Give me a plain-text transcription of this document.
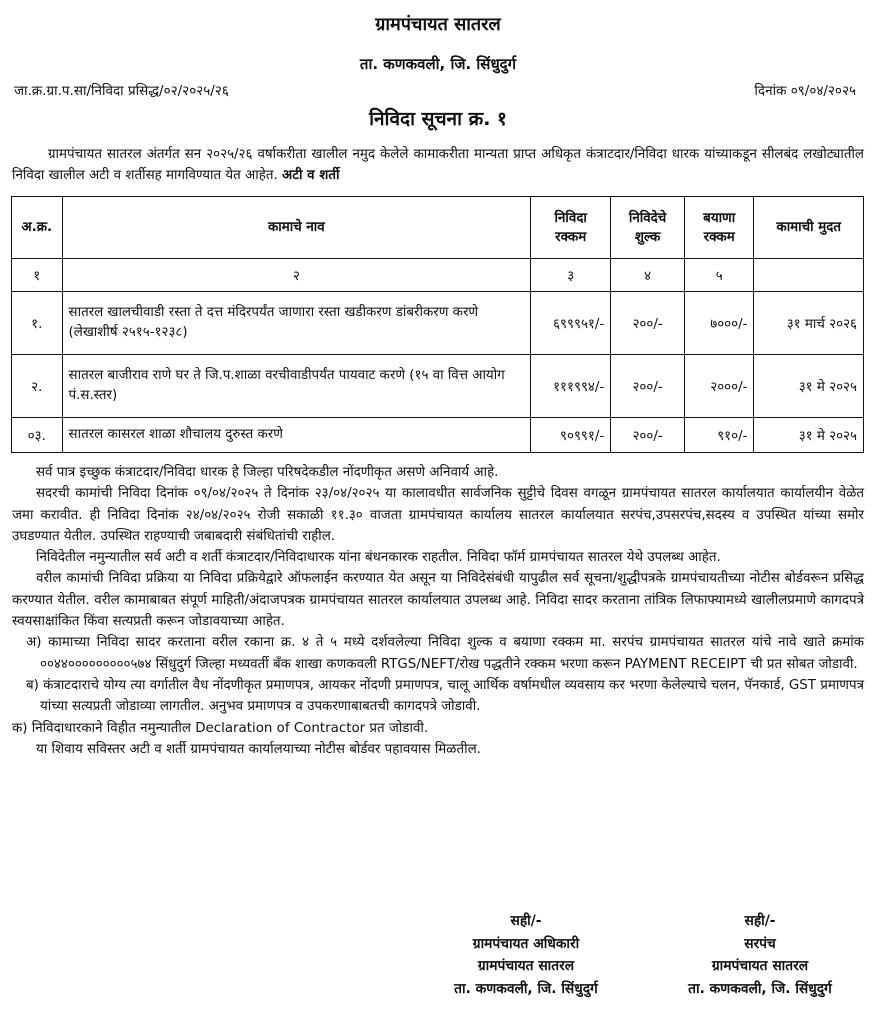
ग्रामपंचायत सातरल
ता. कणकवली, जि. सिंधुदुर्ग
जा.क्र.ग्रा.प.सा/निविदा प्रसिद्ध/०२/२०२५/२६	दिनांक ०९/०४/२०२५
निविदा सूचना क्र. १
ग्रामपंचायत सातरल अंतर्गत सन २०२५/२६ वर्षाकरीता खालील नमुद केलेले कामाकरीता मान्यता प्राप्त अधिकृत कंत्राटदार/निविदा धारक यांच्याकडून सीलबंद लखोट्यातील निविदा खालील अटी व शर्तीसह मागविण्यात येत आहेत. अटी व शर्ती
अ.क्र.	कामाचे नाव	निविदा रक्कम	निविदेचे शुल्क	बयाणा रक्कम	कामाची मुदत
१	२	३	४	५	
१.	सातरल खालचीवाडी रस्ता ते दत्त मंदिरपर्यंत जाणारा रस्ता खडीकरण डांबरीकरण करणे (लेखाशीर्ष २५१५-१२३८)	६९९९५१/-	२००/-	७०००/-	३१ मार्च २०२६
२.	सातरल बाजीराव राणे घर ते जि.प.शाळा वरचीवाडीपर्यंत पायवाट करणे (१५ वा वित्त आयोग पं.स.स्तर)	१११९९४/-	२००/-	२०००/-	३१ मे २०२५
०३.	सातरल कासरल शाळा शौचालय दुरुस्त करणे	९०९९१/-	२००/-	९१०/-	३१ मे २०२५

सर्व पात्र इच्छुक कंत्राटदार/निविदा धारक हे जिल्हा परिषदेकडील नोंदणीकृत असणे अनिवार्य आहे.

सदरची कामांची निविदा दिनांक ०९/०४/२०२५ ते दिनांक २३/०४/२०२५ या कालावधीत सार्वजनिक सुट्टीचे दिवस वगळून ग्रामपंचायत सातरल कार्यालयात कार्यालयीन वेळेत जमा करावीत. ही निविदा दिनांक २४/०४/२०२५ रोजी सकाळी ११.३० वाजता ग्रामपंचायत कार्यालय सातरल कार्यालयात सरपंच,उपसरपंच,सदस्य व उपस्थित यांच्या समोर उघडण्यात येतील. उपस्थित राहण्याची जबाबदारी संबंधितांची राहील.

निविदेतील नमुन्यातील सर्व अटी व शर्ती कंत्राटदार/निविदाधारक यांना बंधनकारक राहतील. निविदा फॉर्म ग्रामपंचायत सातरल येथे उपलब्ध आहेत.

वरील कामांची निविदा प्रक्रिया या निविदा प्रक्रियेद्वारे ऑफलाईन करण्यात येत असून या निविदेसंबंधी यापुढील सर्व सूचना/शुद्धीपत्रके ग्रामपंचायतीच्या नोटीस बोर्डवरून प्रसिद्ध करण्यात येतील. वरील कामाबाबत संपूर्ण माहिती/अंदाजपत्रक ग्रामपंचायत सातरल कार्यालयात उपलब्ध आहे. निविदा सादर करताना तांत्रिक लिफाफ्यामध्ये खालीलप्रमाणे कागदपत्रे स्वयसाक्षांकित किंवा सत्यप्रती करून जोडावयाच्या आहेत.

अ) कामाच्या निविदा सादर करताना वरील रकाना क्र. ४ ते ५ मध्ये दर्शवलेल्या निविदा शुल्क व बयाणा रक्कम मा. सरपंच ग्रामपंचायत सातरल यांचे नावे खाते क्रमांक ००४४०००००००००५७४ सिंधुदुर्ग जिल्हा मध्यवर्ती बँक शाखा कणकवली RTGS/NEFT/रोख पद्धतीने रक्कम भरणा करून PAYMENT RECEIPT ची प्रत सोबत जोडावी.

ब) कंत्राटदाराचे योग्य त्या वर्गातील वैध नोंदणीकृत प्रमाणपत्र, आयकर नोंदणी प्रमाणपत्र, चालू आर्थिक वर्षामधील व्यवसाय कर भरणा केलेल्याचे चलन, पॅनकार्ड, GST प्रमाणपत्र यांच्या सत्यप्रती जोडाव्या लागतील. अनुभव प्रमाणपत्र व उपकरणाबाबतची कागदपत्रे जोडावी.

क) निविदाधारकाने विहीत नमुन्यातील Declaration of Contractor प्रत जोडावी.

या शिवाय सविस्तर अटी व शर्ती ग्रामपंचायत कार्यालयाच्या नोटीस बोर्डवर पहावयास मिळतील.

सही/-
ग्रामपंचायत अधिकारी
ग्रामपंचायत सातरल
ता. कणकवली, जि. सिंधुदुर्ग
सही/-
सरपंच
ग्रामपंचायत सातरल
ता. कणकवली, जि. सिंधुदुर्ग
